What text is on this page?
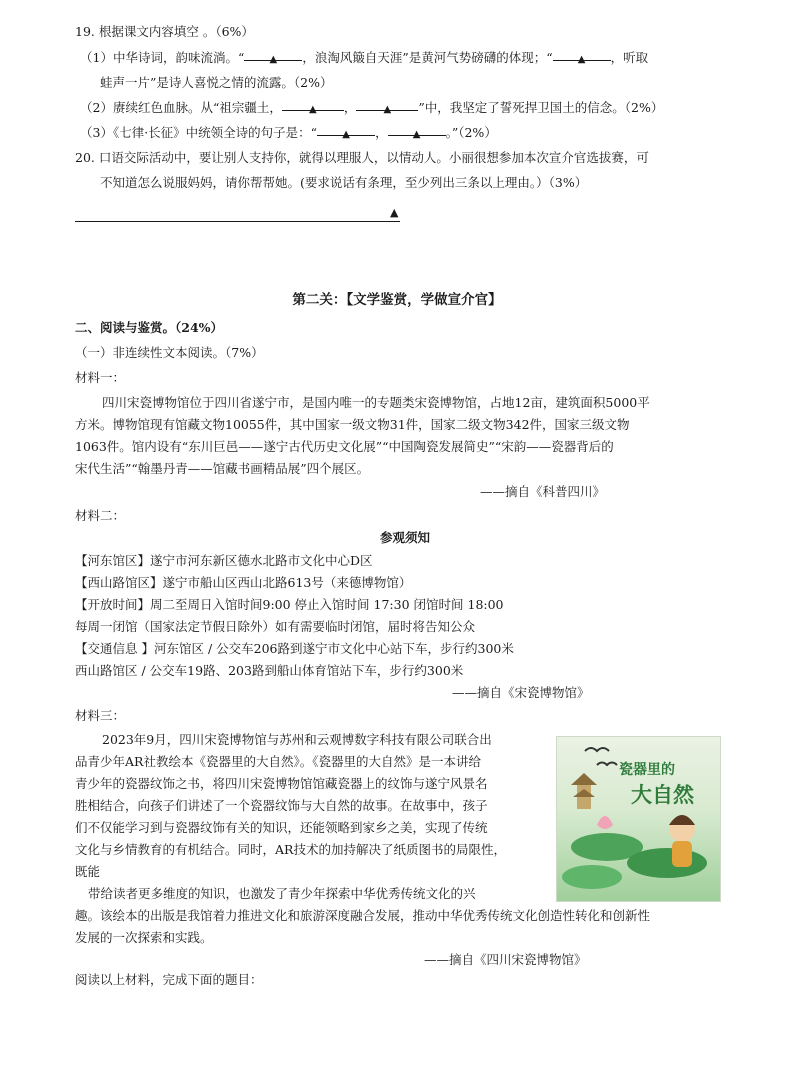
19. 根据课文内容填空 。（6%）
（1）中华诗词，韵味流淌。“	▲ ，浪淘风簸自天涯”是黄河气势磅礴的体现；“	▲ ，听取
蛙声一片”是诗人喜悦之情的流露。（2%）
（2）赓续红色血脉。从“祖宗疆土，	▲ ，	▲ ”中，我坚定了誓死捍卫国土的信念。（2%）
（3）《七律·长征》中统领全诗的句子是：“	▲ ，	▲ 。”（2%）
20. 口语交际活动中，要让别人支持你，就得以理服人，以情动人。小丽很想参加本次宣介官选拔赛，可
不知道怎么说服妈妈，请你帮帮她。(要求说话有条理，至少列出三条以上理由。）（3%）
▲
第二关：【文学鉴赏，学做宣介官】
二、阅读与鉴赏。（24%）
（一）非连续性文本阅读。（7%）
材料一：
四川宋瓷博物馆位于四川省遂宁市，是国内唯一的专题类宋瓷博物馆，占地12亩，建筑面积5000平
方米。博物馆现有馆藏文物10055件，其中国家一级文物31件，国家二级文物342件，国家三级文物
1063件。馆内设有“东川巨邑——遂宁古代历史文化展”“中国陶瓷发展简史”“宋韵——瓷器背后的
宋代生活”“翰墨丹青——馆藏书画精品展”四个展区。
——摘自《科普四川》
材料二：
参观须知
【河东馆区】遂宁市河东新区德水北路市文化中心D区
【西山路馆区】遂宁市船山区西山北路613号（来德博物馆）
【开放时间】周二至周日入馆时间9:00 停止入馆时间 17:30 闭馆时间 18:00
每周一闭馆（国家法定节假日除外）如有需要临时闭馆，届时将告知公众
【交通信息 】河东馆区 / 公交车206路到遂宁市文化中心站下车，步行约300米
西山路馆区 / 公交车19路、203路到船山体育馆站下车，步行约300米
——摘自《宋瓷博物馆》
材料三：
2023年9月，四川宋瓷博物馆与苏州和云观博数字科技有限公司联合出
品青少年AR社教绘本《瓷器里的大自然》。《瓷器里的大自然》是一本讲给
青少年的瓷器纹饰之书，将四川宋瓷博物馆馆藏瓷器上的纹饰与遂宁风景名
胜相结合，向孩子们讲述了一个瓷器纹饰与大自然的故事。在故事中，孩子
们不仅能学习到与瓷器纹饰有关的知识，还能领略到家乡之美，实现了传统
文化与乡情教育的有机结合。同时，AR技术的加持解决了纸质图书的局限性，
既能
带给读者更多维度的知识，也激发了青少年探索中华优秀传统文化的兴
趣。该绘本的出版是我馆着力推进文化和旅游深度融合发展，推动中华优秀传统文化创造性转化和创新性
发展的一次探索和实践。
——摘自《四川宋瓷博物馆》
瓷器里的
大自然
阅读以上材料，完成下面的题目：
